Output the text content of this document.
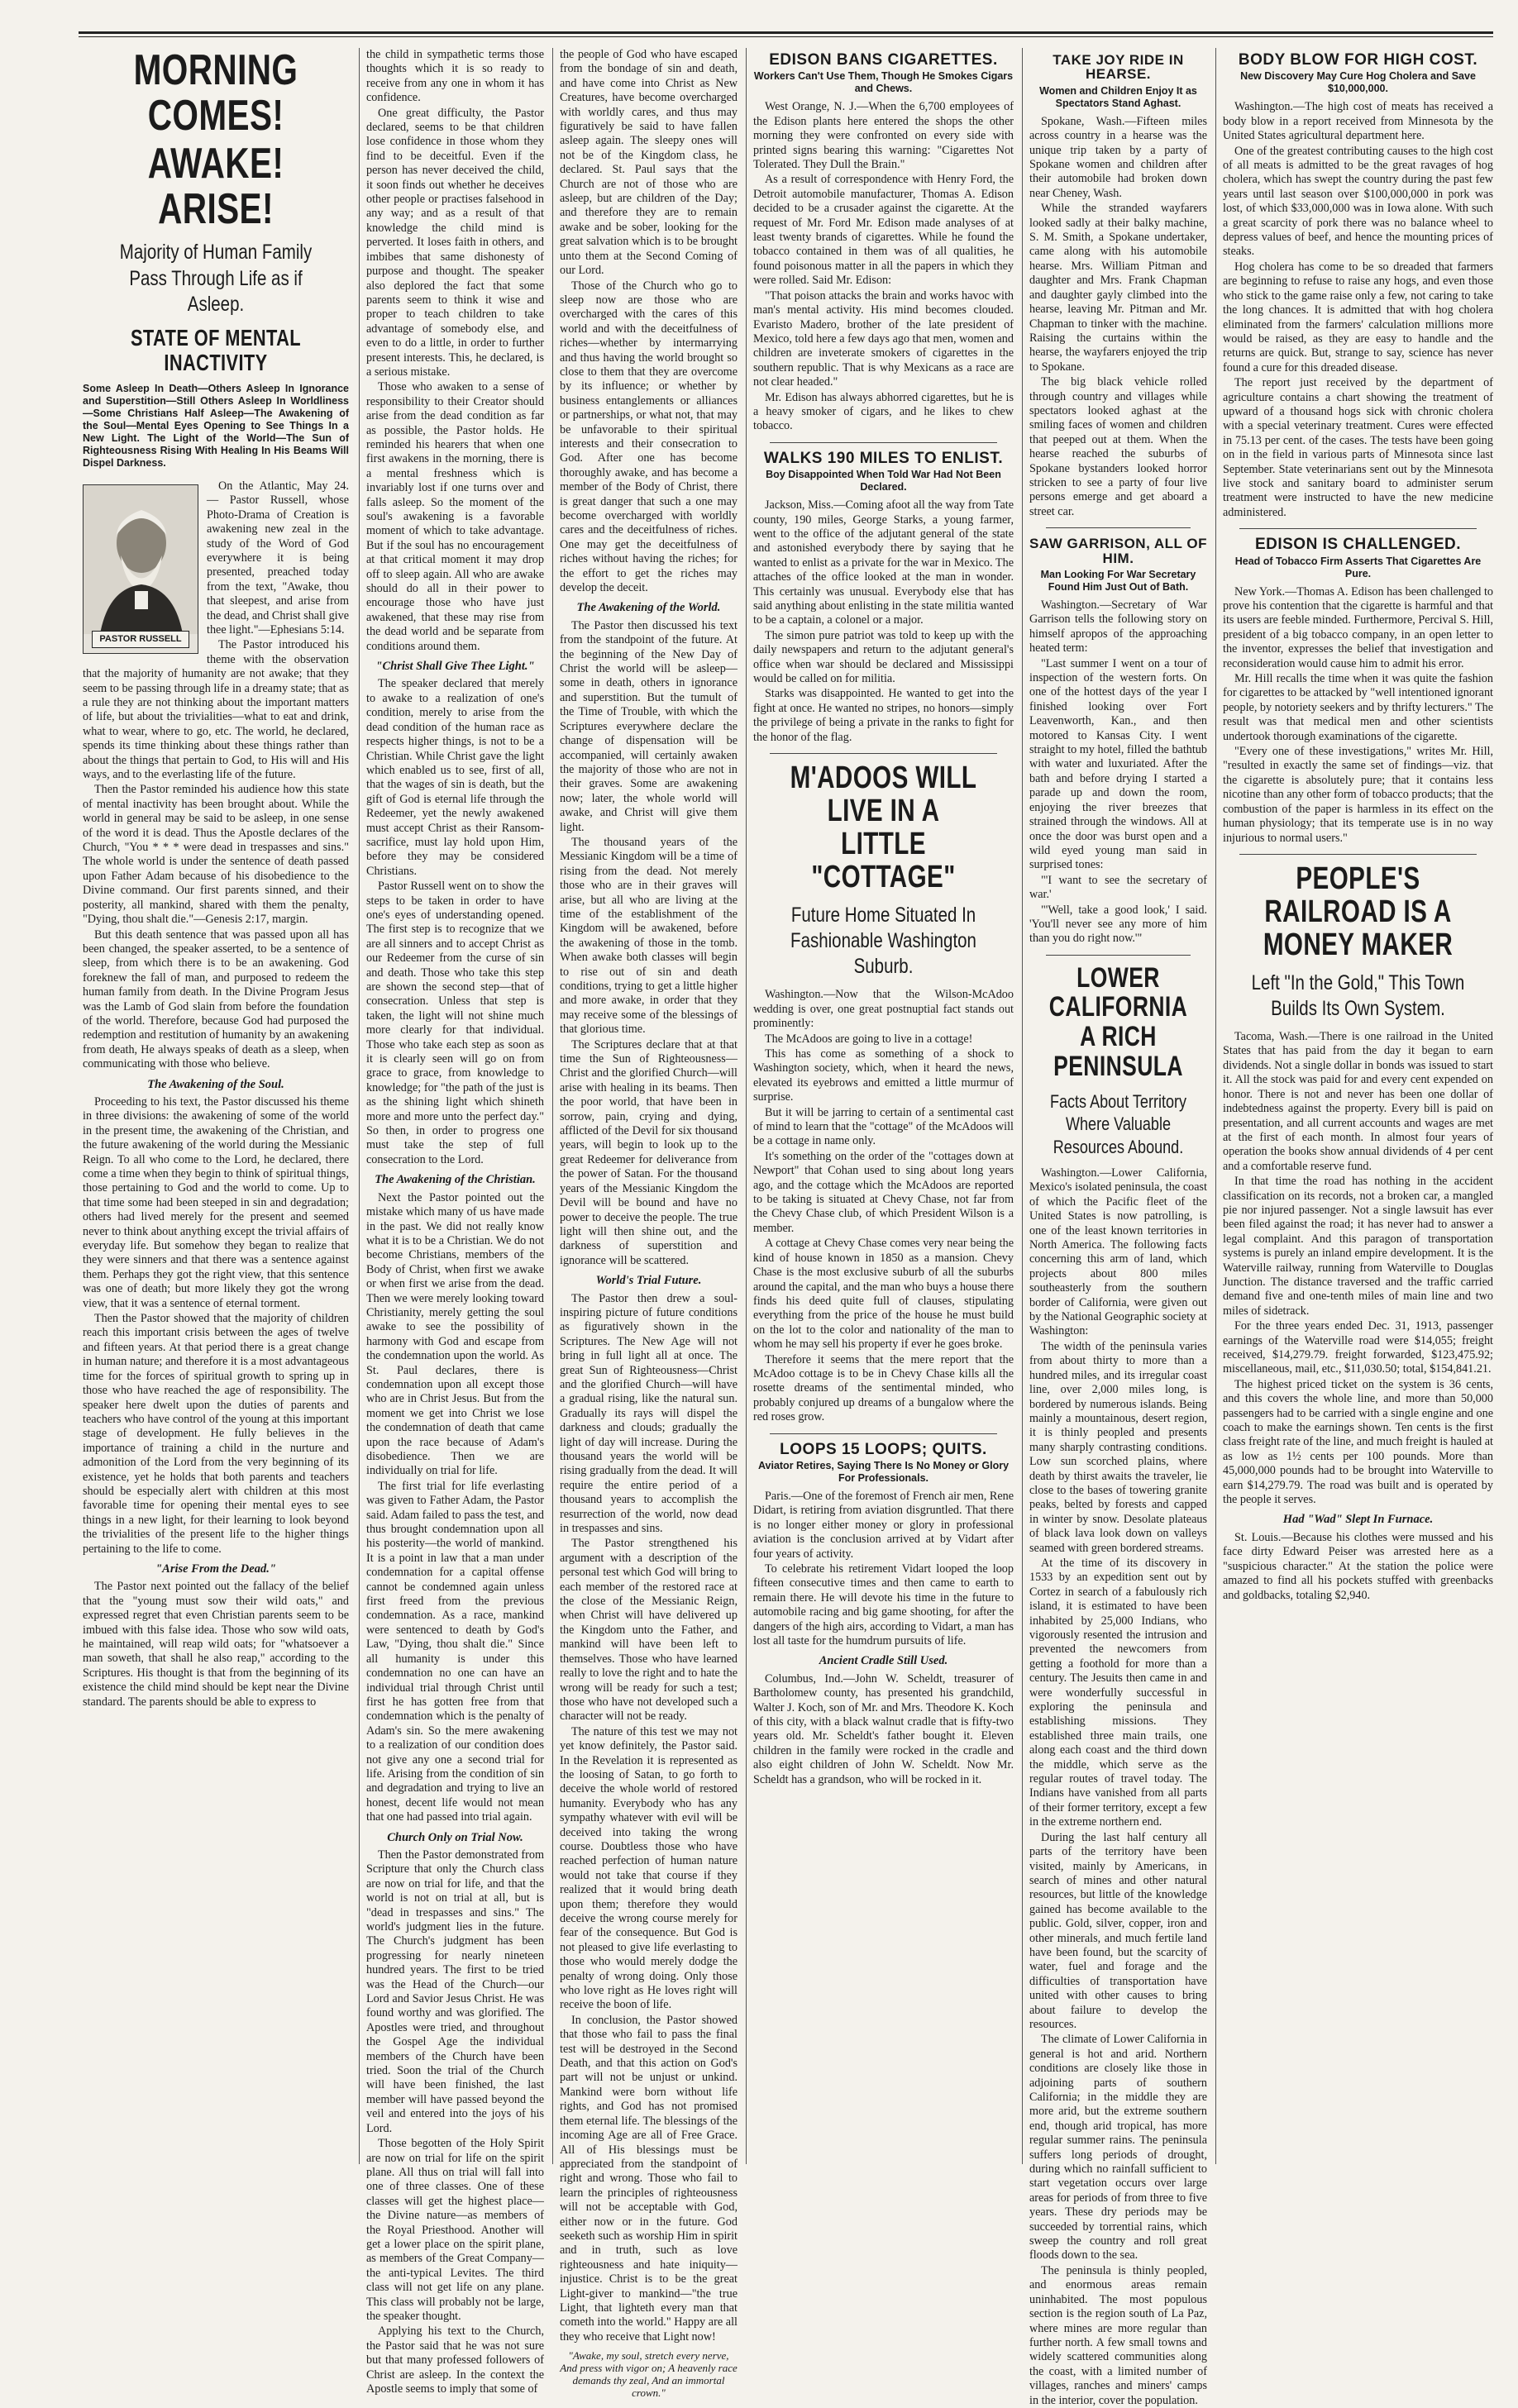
MORNING COMES!
AWAKE! ARISE!
Majority of Human Family Pass Through Life as if Asleep.
STATE OF MENTAL INACTIVITY
Some Asleep In Death—Others Asleep In Ignorance and Superstition—Still Others Asleep In Worldliness—Some Christians Half Asleep—The Awakening of the Soul—Mental Eyes Opening to See Things In a New Light. The Light of the World—The Sun of Righteousness Rising With Healing In His Beams Will Dispel Darkness.
PASTOR RUSSELL

On the Atlantic, May 24. — Pastor Russell, whose Photo-Drama of Creation is awakening new zeal in the study of the Word of God everywhere it is being presented, preached today from the text, "Awake, thou that sleepest, and arise from the dead, and Christ shall give thee light."—Ephesians 5:14.

The Pastor introduced his theme with the observation that the majority of humanity are not awake; that they seem to be passing through life in a dreamy state; that as a rule they are not thinking about the important matters of life, but about the trivialities—what to eat and drink, what to wear, where to go, etc. The world, he declared, spends its time thinking about these things rather than about the things that pertain to God, to His will and His ways, and to the everlasting life of the future.

Then the Pastor reminded his audience how this state of mental inactivity has been brought about. While the world in general may be said to be asleep, in one sense of the word it is dead. Thus the Apostle declares of the Church, "You * * * were dead in trespasses and sins." The whole world is under the sentence of death passed upon Father Adam because of his disobedience to the Divine command. Our first parents sinned, and their posterity, all mankind, shared with them the penalty, "Dying, thou shalt die."—Genesis 2:17, margin.

But this death sentence that was passed upon all has been changed, the speaker asserted, to be a sentence of sleep, from which there is to be an awakening. God foreknew the fall of man, and purposed to redeem the human family from death. In the Divine Program Jesus was the Lamb of God slain from before the foundation of the world. Therefore, because God had purposed the redemption and restitution of humanity by an awakening from death, He always speaks of death as a sleep, when communicating with those who believe.

The Awakening of the Soul.

Proceeding to his text, the Pastor discussed his theme in three divisions: the awakening of some of the world in the present time, the awakening of the Christian, and the future awakening of the world during the Messianic Reign. To all who come to the Lord, he declared, there come a time when they begin to think of spiritual things, those pertaining to God and the world to come. Up to that time some had been steeped in sin and degradation; others had lived merely for the present and seemed never to think about anything except the trivial affairs of everyday life. But somehow they began to realize that they were sinners and that there was a sentence against them. Perhaps they got the right view, that this sentence was one of death; but more likely they got the wrong view, that it was a sentence of eternal torment.

Then the Pastor showed that the majority of children reach this important crisis between the ages of twelve and fifteen years. At that period there is a great change in human nature; and therefore it is a most advantageous time for the forces of spiritual growth to spring up in those who have reached the age of responsibility. The speaker here dwelt upon the duties of parents and teachers who have control of the young at this important stage of development. He fully believes in the importance of training a child in the nurture and admonition of the Lord from the very beginning of its existence, yet he holds that both parents and teachers should be especially alert with children at this most favorable time for opening their mental eyes to see things in a new light, for their learning to look beyond the trivialities of the present life to the higher things pertaining to the life to come.

"Arise From the Dead."

The Pastor next pointed out the fallacy of the belief that the "young must sow their wild oats," and expressed regret that even Christian parents seem to be imbued with this false idea. Those who sow wild oats, he maintained, will reap wild oats; for "whatsoever a man soweth, that shall he also reap," according to the Scriptures. His thought is that from the beginning of its existence the child mind should be kept near the Divine standard. The parents should be able to express to

the child in sympathetic terms those thoughts which it is so ready to receive from any one in whom it has confidence.

One great difficulty, the Pastor declared, seems to be that children lose confidence in those whom they find to be deceitful. Even if the person has never deceived the child, it soon finds out whether he deceives other people or practises falsehood in any way; and as a result of that knowledge the child mind is perverted. It loses faith in others, and imbibes that same dishonesty of purpose and thought. The speaker also deplored the fact that some parents seem to think it wise and proper to teach children to take advantage of somebody else, and even to do a little, in order to further present interests. This, he declared, is a serious mistake.

Those who awaken to a sense of responsibility to their Creator should arise from the dead condition as far as possible, the Pastor holds. He reminded his hearers that when one first awakens in the morning, there is a mental freshness which is invariably lost if one turns over and falls asleep. So the moment of the soul's awakening is a favorable moment of which to take advantage. But if the soul has no encouragement at that critical moment it may drop off to sleep again. All who are awake should do all in their power to encourage those who have just awakened, that these may rise from the dead world and be separate from conditions around them.

"Christ Shall Give Thee Light."

The speaker declared that merely to awake to a realization of one's condition, merely to arise from the dead condition of the human race as respects higher things, is not to be a Christian. While Christ gave the light which enabled us to see, first of all, that the wages of sin is death, but the gift of God is eternal life through the Redeemer, yet the newly awakened must accept Christ as their Ransom-sacrifice, must lay hold upon Him, before they may be considered Christians.

Pastor Russell went on to show the steps to be taken in order to have one's eyes of understanding opened. The first step is to recognize that we are all sinners and to accept Christ as our Redeemer from the curse of sin and death. Those who take this step are shown the second step—that of consecration. Unless that step is taken, the light will not shine much more clearly for that individual. Those who take each step as soon as it is clearly seen will go on from grace to grace, from knowledge to knowledge; for "the path of the just is as the shining light which shineth more and more unto the perfect day." So then, in order to progress one must take the step of full consecration to the Lord.

The Awakening of the Christian.

Next the Pastor pointed out the mistake which many of us have made in the past. We did not really know what it is to be a Christian. We do not become Christians, members of the Body of Christ, when first we awake or when first we arise from the dead. Then we were merely looking toward Christianity, merely getting the soul awake to see the possibility of harmony with God and escape from the condemnation upon the world. As St. Paul declares, there is condemnation upon all except those who are in Christ Jesus. But from the moment we get into Christ we lose the condemnation of death that came upon the race because of Adam's disobedience. Then we are individually on trial for life.

The first trial for life everlasting was given to Father Adam, the Pastor said. Adam failed to pass the test, and thus brought condemnation upon all his posterity—the world of mankind. It is a point in law that a man under condemnation for a capital offense cannot be condemned again unless first freed from the previous condemnation. As a race, mankind were sentenced to death by God's Law, "Dying, thou shalt die." Since all humanity is under this condemnation no one can have an individual trial through Christ until first he has gotten free from that condemnation which is the penalty of Adam's sin. So the mere awakening to a realization of our condition does not give any one a second trial for life. Arising from the condition of sin and degradation and trying to live an honest, decent life would not mean that one had passed into trial again.

Church Only on Trial Now.

Then the Pastor demonstrated from Scripture that only the Church class are now on trial for life, and that the world is not on trial at all, but is "dead in trespasses and sins." The world's judgment lies in the future. The Church's judgment has been progressing for nearly nineteen hundred years. The first to be tried was the Head of the Church—our Lord and Savior Jesus Christ. He was found worthy and was glorified. The Apostles were tried, and throughout the Gospel Age the individual members of the Church have been tried. Soon the trial of the Church will have been finished, the last member will have passed beyond the veil and entered into the joys of his Lord.

Those begotten of the Holy Spirit are now on trial for life on the spirit plane. All thus on trial will fall into one of three classes. One of these classes will get the highest place—the Divine nature—as members of the Royal Priesthood. Another will get a lower place on the spirit plane, as members of the Great Company—the anti-typical Levites. The third class will not get life on any plane. This class will probably not be large, the speaker thought.

Applying his text to the Church, the Pastor said that he was not sure but that many professed followers of Christ are asleep. In the context the Apostle seems to imply that some of

the people of God who have escaped from the bondage of sin and death, and have come into Christ as New Creatures, have become overcharged with worldly cares, and thus may figuratively be said to have fallen asleep again. The sleepy ones will not be of the Kingdom class, he declared. St. Paul says that the Church are not of those who are asleep, but are children of the Day; and therefore they are to remain awake and be sober, looking for the great salvation which is to be brought unto them at the Second Coming of our Lord.

Those of the Church who go to sleep now are those who are overcharged with the cares of this world and with the deceitfulness of riches—whether by intermarrying and thus having the world brought so close to them that they are overcome by its influence; or whether by business entanglements or alliances or partnerships, or what not, that may be unfavorable to their spiritual interests and their consecration to God. After one has become thoroughly awake, and has become a member of the Body of Christ, there is great danger that such a one may become overcharged with worldly cares and the deceitfulness of riches. One may get the deceitfulness of riches without having the riches; for the effort to get the riches may develop the deceit.

The Awakening of the World.

The Pastor then discussed his text from the standpoint of the future. At the beginning of the New Day of Christ the world will be asleep—some in death, others in ignorance and superstition. But the tumult of the Time of Trouble, with which the Scriptures everywhere declare the change of dispensation will be accompanied, will certainly awaken the majority of those who are not in their graves. Some are awakening now; later, the whole world will awake, and Christ will give them light.

The thousand years of the Messianic Kingdom will be a time of rising from the dead. Not merely those who are in their graves will arise, but all who are living at the time of the establishment of the Kingdom will be awakened, before the awakening of those in the tomb. When awake both classes will begin to rise out of sin and death conditions, trying to get a little higher and more awake, in order that they may receive some of the blessings of that glorious time.

The Scriptures declare that at that time the Sun of Righteousness—Christ and the glorified Church—will arise with healing in its beams. Then the poor world, that have been in sorrow, pain, crying and dying, afflicted of the Devil for six thousand years, will begin to look up to the great Redeemer for deliverance from the power of Satan. For the thousand years of the Messianic Kingdom the Devil will be bound and have no power to deceive the people. The true light will then shine out, and the darkness of superstition and ignorance will be scattered.

World's Trial Future.

The Pastor then drew a soul-inspiring picture of future conditions as figuratively shown in the Scriptures. The New Age will not bring in full light all at once. The great Sun of Righteousness—Christ and the glorified Church—will have a gradual rising, like the natural sun. Gradually its rays will dispel the darkness and clouds; gradually the light of day will increase. During the thousand years the world will be rising gradually from the dead. It will require the entire period of a thousand years to accomplish the resurrection of the world, now dead in trespasses and sins.

The Pastor strengthened his argument with a description of the personal test which God will bring to each member of the restored race at the close of the Messianic Reign, when Christ will have delivered up the Kingdom unto the Father, and mankind will have been left to themselves. Those who have learned really to love the right and to hate the wrong will be ready for such a test; those who have not developed such a character will not be ready.

The nature of this test we may not yet know definitely, the Pastor said. In the Revelation it is represented as the loosing of Satan, to go forth to deceive the whole world of restored humanity. Everybody who has any sympathy whatever with evil will be deceived into taking the wrong course. Doubtless those who have reached perfection of human nature would not take that course if they realized that it would bring death upon them; therefore they would deceive the wrong course merely for fear of the consequence. But God is not pleased to give life everlasting to those who would merely dodge the penalty of wrong doing. Only those who love right as He loves right will receive the boon of life.

In conclusion, the Pastor showed that those who fail to pass the final test will be destroyed in the Second Death, and that this action on God's part will not be unjust or unkind. Mankind were born without life rights, and God has not promised them eternal life. The blessings of the incoming Age are all of Free Grace. All of His blessings must be appreciated from the standpoint of right and wrong. Those who fail to learn the principles of righteousness will not be acceptable with God, either now or in the future. God seeketh such as worship Him in spirit and in truth, such as love righteousness and hate iniquity—injustice. Christ is to be the great Light-giver to mankind—"the true Light, that lighteth every man that cometh into the world." Happy are all they who receive that Light now!

"Awake, my soul, stretch every nerve, And press with vigor on; A heavenly race demands thy zeal, And an immortal crown."

EDISON BANS CIGARETTES.
Workers Can't Use Them, Though He Smokes Cigars and Chews.

West Orange, N. J.—When the 6,700 employees of the Edison plants here entered the shops the other morning they were confronted on every side with printed signs bearing this warning: "Cigarettes Not Tolerated. They Dull the Brain."

As a result of correspondence with Henry Ford, the Detroit automobile manufacturer, Thomas A. Edison decided to be a crusader against the cigarette. At the request of Mr. Ford Mr. Edison made analyses of at least twenty brands of cigarettes. While he found the tobacco contained in them was of all qualities, he found poisonous matter in all the papers in which they were rolled. Said Mr. Edison:

"That poison attacks the brain and works havoc with man's mental activity. His mind becomes clouded. Evaristo Madero, brother of the late president of Mexico, told here a few days ago that men, women and children are inveterate smokers of cigarettes in the southern republic. That is why Mexicans as a race are not clear headed."

Mr. Edison has always abhorred cigarettes, but he is a heavy smoker of cigars, and he likes to chew tobacco.

WALKS 190 MILES TO ENLIST.
Boy Disappointed When Told War Had Not Been Declared.

Jackson, Miss.—Coming afoot all the way from Tate county, 190 miles, George Starks, a young farmer, went to the office of the adjutant general of the state and astonished everybody there by saying that he wanted to enlist as a private for the war in Mexico. The attaches of the office looked at the man in wonder. This certainly was unusual. Everybody else that has said anything about enlisting in the state militia wanted to be a captain, a colonel or a major.

The simon pure patriot was told to keep up with the daily newspapers and return to the adjutant general's office when war should be declared and Mississippi would be called on for militia.

Starks was disappointed. He wanted to get into the fight at once. He wanted no stripes, no honors—simply the privilege of being a private in the ranks to fight for the honor of the flag.

M'ADOOS WILL LIVE IN A LITTLE "COTTAGE"
Future Home Situated In Fashionable Washington Suburb.

Washington.—Now that the Wilson-McAdoo wedding is over, one great postnuptial fact stands out prominently:

The McAdoos are going to live in a cottage!

This has come as something of a shock to Washington society, which, when it heard the news, elevated its eyebrows and emitted a little murmur of surprise.

But it will be jarring to certain of a sentimental cast of mind to learn that the "cottage" of the McAdoos will be a cottage in name only.

It's something on the order of the "cottages down at Newport" that Cohan used to sing about long years ago, and the cottage which the McAdoos are reported to be taking is situated at Chevy Chase, not far from the Chevy Chase club, of which President Wilson is a member.

A cottage at Chevy Chase comes very near being the kind of house known in 1850 as a mansion. Chevy Chase is the most exclusive suburb of all the suburbs around the capital, and the man who buys a house there finds his deed quite full of clauses, stipulating everything from the price of the house he must build on the lot to the color and nationality of the man to whom he may sell his property if ever he goes broke.

Therefore it seems that the mere report that the McAdoo cottage is to be in Chevy Chase kills all the rosette dreams of the sentimental minded, who probably conjured up dreams of a bungalow where the red roses grow.

LOOPS 15 LOOPS; QUITS.
Aviator Retires, Saying There Is No Money or Glory For Professionals.

Paris.—One of the foremost of French air men, Rene Didart, is retiring from aviation disgruntled. That there is no longer either money or glory in professional aviation is the conclusion arrived at by Vidart after four years of activity.

To celebrate his retirement Vidart looped the loop fifteen consecutive times and then came to earth to remain there. He will devote his time in the future to automobile racing and big game shooting, for after the dangers of the high airs, according to Vidart, a man has lost all taste for the humdrum pursuits of life.

Ancient Cradle Still Used.

Columbus, Ind.—John W. Scheldt, treasurer of Bartholomew county, has presented his grandchild, Walter J. Koch, son of Mr. and Mrs. Theodore K. Koch of this city, with a black walnut cradle that is fifty-two years old. Mr. Scheldt's father bought it. Eleven children in the family were rocked in the cradle and also eight children of John W. Scheldt. Now Mr. Scheldt has a grandson, who will be rocked in it.

TAKE JOY RIDE IN HEARSE.
Women and Children Enjoy It as Spectators Stand Aghast.

Spokane, Wash.—Fifteen miles across country in a hearse was the unique trip taken by a party of Spokane women and children after their automobile had broken down near Cheney, Wash.

While the stranded wayfarers looked sadly at their balky machine, S. M. Smith, a Spokane undertaker, came along with his automobile hearse. Mrs. William Pitman and daughter and Mrs. Frank Chapman and daughter gayly climbed into the hearse, leaving Mr. Pitman and Mr. Chapman to tinker with the machine. Raising the curtains within the hearse, the wayfarers enjoyed the trip to Spokane.

The big black vehicle rolled through country and villages while spectators looked aghast at the smiling faces of women and children that peeped out at them. When the hearse reached the suburbs of Spokane bystanders looked horror stricken to see a party of four live persons emerge and get aboard a street car.

SAW GARRISON, ALL OF HIM.
Man Looking For War Secretary Found Him Just Out of Bath.

Washington.—Secretary of War Garrison tells the following story on himself apropos of the approaching heated term:

"Last summer I went on a tour of inspection of the western forts. On one of the hottest days of the year I finished looking over Fort Leavenworth, Kan., and then motored to Kansas City. I went straight to my hotel, filled the bathtub with water and luxuriated. After the bath and before drying I started a parade up and down the room, enjoying the river breezes that strained through the windows. All at once the door was burst open and a wild eyed young man said in surprised tones:

"'I want to see the secretary of war.'

"'Well, take a good look,' I said. 'You'll never see any more of him than you do right now.'"

LOWER CALIFORNIA A RICH PENINSULA
Facts About Territory Where Valuable Resources Abound.

Washington.—Lower California, Mexico's isolated peninsula, the coast of which the Pacific fleet of the United States is now patrolling, is one of the least known territories in North America. The following facts concerning this arm of land, which projects about 800 miles southeasterly from the southern border of California, were given out by the National Geographic society at Washington:

The width of the peninsula varies from about thirty to more than a hundred miles, and its irregular coast line, over 2,000 miles long, is bordered by numerous islands. Being mainly a mountainous, desert region, it is thinly peopled and presents many sharply contrasting conditions. Low sun scorched plains, where death by thirst awaits the traveler, lie close to the bases of towering granite peaks, belted by forests and capped in winter by snow. Desolate plateaus of black lava look down on valleys seamed with green bordered streams.

At the time of its discovery in 1533 by an expedition sent out by Cortez in search of a fabulously rich island, it is estimated to have been inhabited by 25,000 Indians, who vigorously resented the intrusion and prevented the newcomers from getting a foothold for more than a century. The Jesuits then came in and were wonderfully successful in exploring the peninsula and establishing missions. They established three main trails, one along each coast and the third down the middle, which serve as the regular routes of travel today. The Indians have vanished from all parts of their former territory, except a few in the extreme northern end.

During the last half century all parts of the territory have been visited, mainly by Americans, in search of mines and other natural resources, but little of the knowledge gained has become available to the public. Gold, silver, copper, iron and other minerals, and much fertile land have been found, but the scarcity of water, fuel and forage and the difficulties of transportation have united with other causes to bring about failure to develop the resources.

The climate of Lower California in general is hot and arid. Northern conditions are closely like those in adjoining parts of southern California; in the middle they are more arid, but the extreme southern end, though arid tropical, has more regular summer rains. The peninsula suffers long periods of drought, during which no rainfall sufficient to start vegetation occurs over large areas for periods of from three to five years. These dry periods may be succeeded by torrential rains, which sweep the country and roll great floods down to the sea.

The peninsula is thinly peopled, and enormous areas remain uninhabited. The most populous section is the region south of La Paz, where mines are more regular than further north. A few small towns and widely scattered communities along the coast, with a limited number of villages, ranches and miners' camps in the interior, cover the population.

BODY BLOW FOR HIGH COST.
New Discovery May Cure Hog Cholera and Save $10,000,000.

Washington.—The high cost of meats has received a body blow in a report received from Minnesota by the United States agricultural department here.

One of the greatest contributing causes to the high cost of all meats is admitted to be the great ravages of hog cholera, which has swept the country during the past few years until last season over $100,000,000 in pork was lost, of which $33,000,000 was in Iowa alone. With such a great scarcity of pork there was no balance wheel to depress values of beef, and hence the mounting prices of steaks.

Hog cholera has come to be so dreaded that farmers are beginning to refuse to raise any hogs, and even those who stick to the game raise only a few, not caring to take the long chances. It is admitted that with hog cholera eliminated from the farmers' calculation millions more would be raised, as they are easy to handle and the returns are quick. But, strange to say, science has never found a cure for this dreaded disease.

The report just received by the department of agriculture contains a chart showing the treatment of upward of a thousand hogs sick with chronic cholera with a special veterinary treatment. Cures were effected in 75.13 per cent. of the cases. The tests have been going on in the field in various parts of Minnesota since last September. State veterinarians sent out by the Minnesota live stock and sanitary board to administer serum treatment were instructed to have the new medicine administered.

EDISON IS CHALLENGED.
Head of Tobacco Firm Asserts That Cigarettes Are Pure.

New York.—Thomas A. Edison has been challenged to prove his contention that the cigarette is harmful and that its users are feeble minded. Furthermore, Percival S. Hill, president of a big tobacco company, in an open letter to the inventor, expresses the belief that investigation and reconsideration would cause him to admit his error.

Mr. Hill recalls the time when it was quite the fashion for cigarettes to be attacked by "well intentioned ignorant people, by notoriety seekers and by thrifty lecturers." The result was that medical men and other scientists undertook thorough examinations of the cigarette.

"Every one of these investigations," writes Mr. Hill, "resulted in exactly the same set of findings—viz. that the cigarette is absolutely pure; that it contains less nicotine than any other form of tobacco products; that the combustion of the paper is harmless in its effect on the human physiology; that its temperate use is in no way injurious to normal users."

PEOPLE'S RAILROAD IS A MONEY MAKER
Left "In the Gold," This Town Builds Its Own System.

Tacoma, Wash.—There is one railroad in the United States that has paid from the day it began to earn dividends. Not a single dollar in bonds was issued to start it. All the stock was paid for and every cent expended on honor. There is not and never has been one dollar of indebtedness against the property. Every bill is paid on presentation, and all current accounts and wages are met at the first of each month. In almost four years of operation the books show annual dividends of 4 per cent and a comfortable reserve fund.

In that time the road has nothing in the accident classification on its records, not a broken car, a mangled pie nor injured passenger. Not a single lawsuit has ever been filed against the road; it has never had to answer a legal complaint. And this paragon of transportation systems is purely an inland empire development. It is the Waterville railway, running from Waterville to Douglas Junction. The distance traversed and the traffic carried demand five and one-tenth miles of main line and two miles of sidetrack.

For the three years ended Dec. 31, 1913, passenger earnings of the Waterville road were $14,055; freight received, $14,279.79. freight forwarded, $123,475.92; miscellaneous, mail, etc., $11,030.50; total, $154,841.21.

The highest priced ticket on the system is 36 cents, and this covers the whole line, and more than 50,000 passengers had to be carried with a single engine and one coach to make the earnings shown. Ten cents is the first class freight rate of the line, and much freight is hauled at as low as 1½ cents per 100 pounds. More than 45,000,000 pounds had to be brought into Waterville to earn $14,279.79. The road was built and is operated by the people it serves.

Had "Wad" Slept In Furnace.

St. Louis.—Because his clothes were mussed and his face dirty Edward Peiser was arrested here as a "suspicious character." At the station the police were amazed to find all his pockets stuffed with greenbacks and goldbacks, totaling $2,940.
